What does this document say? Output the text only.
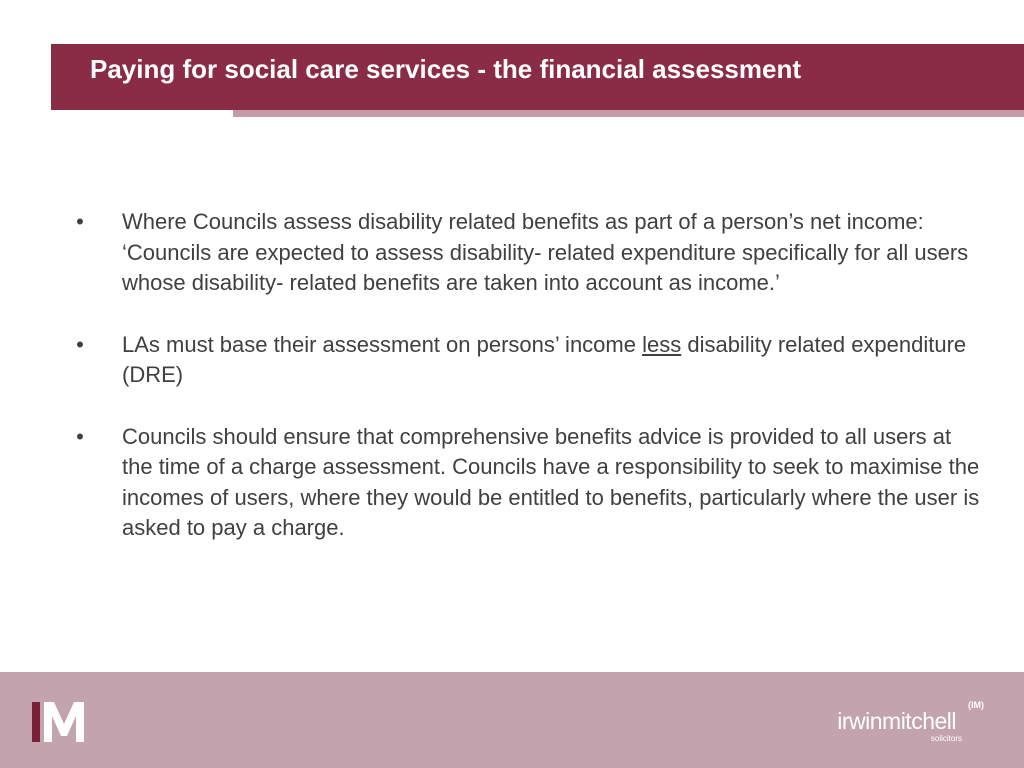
Paying for social care services - the financial assessment
• Where Councils assess disability related benefits as part of a person’s net income: ‘Councils are expected to assess disability- related expenditure specifically for all users whose disability- related benefits are taken into account as income.’
• LAs must base their assessment on persons’ income less disability related expenditure (DRE)
• Councils should ensure that comprehensive benefits advice is provided to all users at the time of a charge assessment. Councils have a responsibility to seek to maximise the incomes of users, where they would be entitled to benefits, particularly where the user is asked to pay a charge.
irwinmitchell
(IM)
solicitors
